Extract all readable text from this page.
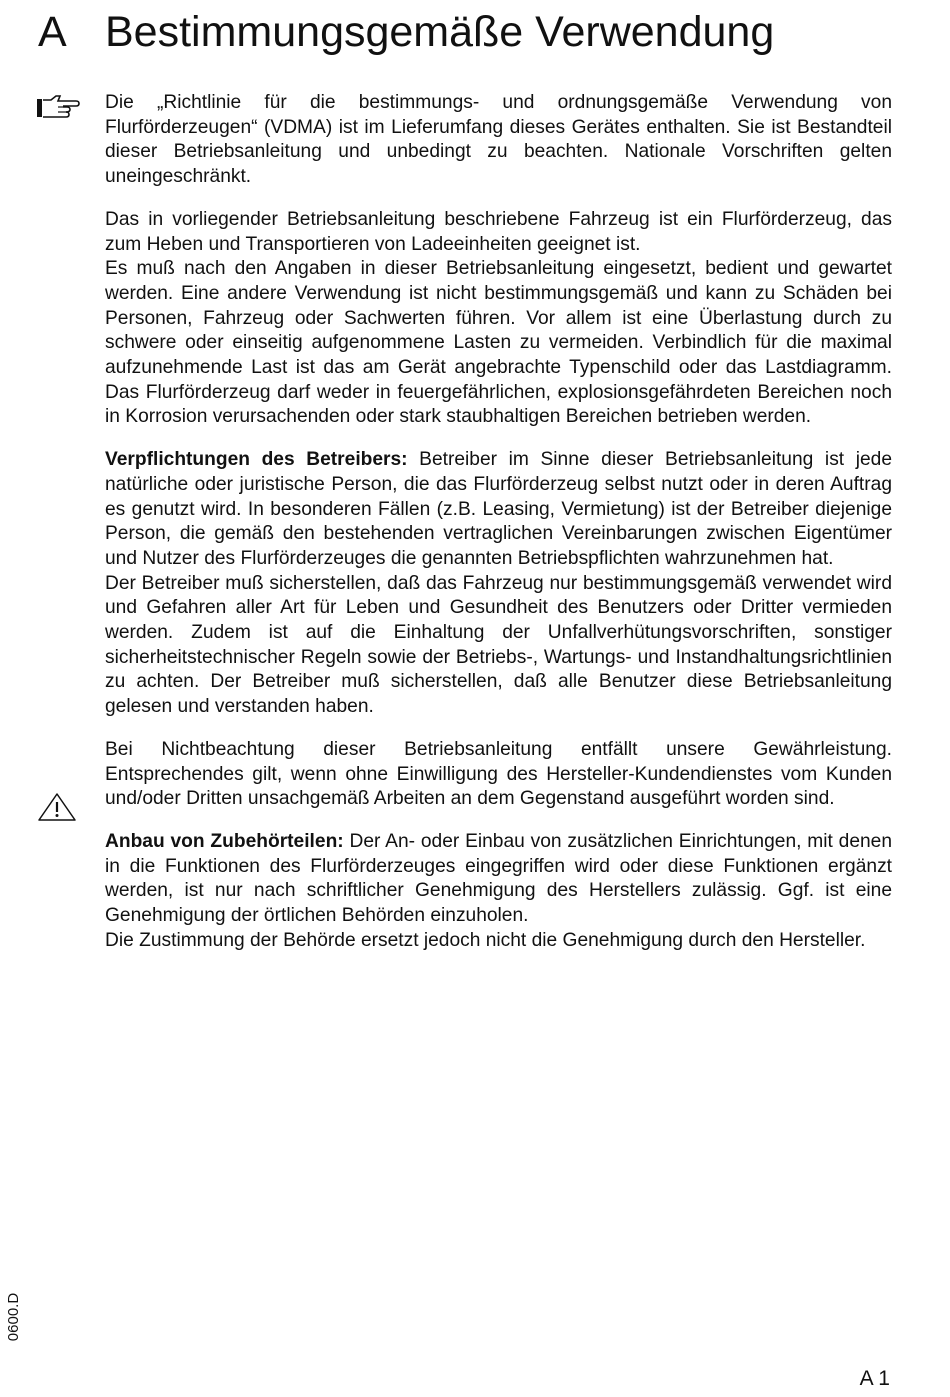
A Bestimmungsgemäße Verwendung

Die „Richtlinie für die bestimmungs- und ordnungsgemäße Verwendung von Flurförderzeugen“ (VDMA) ist im Lieferumfang dieses Gerätes enthalten. Sie ist Bestandteil dieser Betriebsanleitung und unbedingt zu beachten. Nationale Vorschriften gelten uneingeschränkt.

Das in vorliegender Betriebsanleitung beschriebene Fahrzeug ist ein Flurförderzeug, das zum Heben und Transportieren von Ladeeinheiten geeignet ist.

Es muß nach den Angaben in dieser Betriebsanleitung eingesetzt, bedient und gewartet werden. Eine andere Verwendung ist nicht bestimmungsgemäß und kann zu Schäden bei Personen, Fahrzeug oder Sachwerten führen. Vor allem ist eine Überlastung durch zu schwere oder einseitig aufgenommene Lasten zu vermeiden. Verbindlich für die maximal aufzunehmende Last ist das am Gerät angebrachte Typenschild oder das Lastdiagramm. Das Flurförderzeug darf weder in feuergefährlichen, explosionsgefährdeten Bereichen noch in Korrosion verursachenden oder stark staubhaltigen Bereichen betrieben werden.

Verpflichtungen des Betreibers: Betreiber im Sinne dieser Betriebsanleitung ist jede natürliche oder juristische Person, die das Flurförderzeug selbst nutzt oder in deren Auftrag es genutzt wird. In besonderen Fällen (z.B. Leasing, Vermietung) ist der Betreiber diejenige Person, die gemäß den bestehenden vertraglichen Vereinbarungen zwischen Eigentümer und Nutzer des Flurförderzeuges die genannten Betriebspflichten wahrzunehmen hat.

Der Betreiber muß sicherstellen, daß das Fahrzeug nur bestimmungsgemäß verwendet wird und Gefahren aller Art für Leben und Gesundheit des Benutzers oder Dritter vermieden werden. Zudem ist auf die Einhaltung der Unfallverhütungsvorschriften, sonstiger sicherheitstechnischer Regeln sowie der Betriebs-, Wartungs- und Instandhaltungsrichtlinien zu achten. Der Betreiber muß sicherstellen, daß alle Benutzer diese Betriebsanleitung gelesen und verstanden haben.

Bei Nichtbeachtung dieser Betriebsanleitung entfällt unsere Gewährleistung. Entsprechendes gilt, wenn ohne Einwilligung des Hersteller-Kundendienstes vom Kunden und/oder Dritten unsachgemäß Arbeiten an dem Gegenstand ausgeführt worden sind.

Anbau von Zubehörteilen: Der An- oder Einbau von zusätzlichen Einrichtungen, mit denen in die Funktionen des Flurförderzeuges eingegriffen wird oder diese Funktionen ergänzt werden, ist nur nach schriftlicher Genehmigung des Herstellers zulässig. Ggf. ist eine Genehmigung der örtlichen Behörden einzuholen.

Die Zustimmung der Behörde ersetzt jedoch nicht die Genehmigung durch den Hersteller.

0600.D
A 1
